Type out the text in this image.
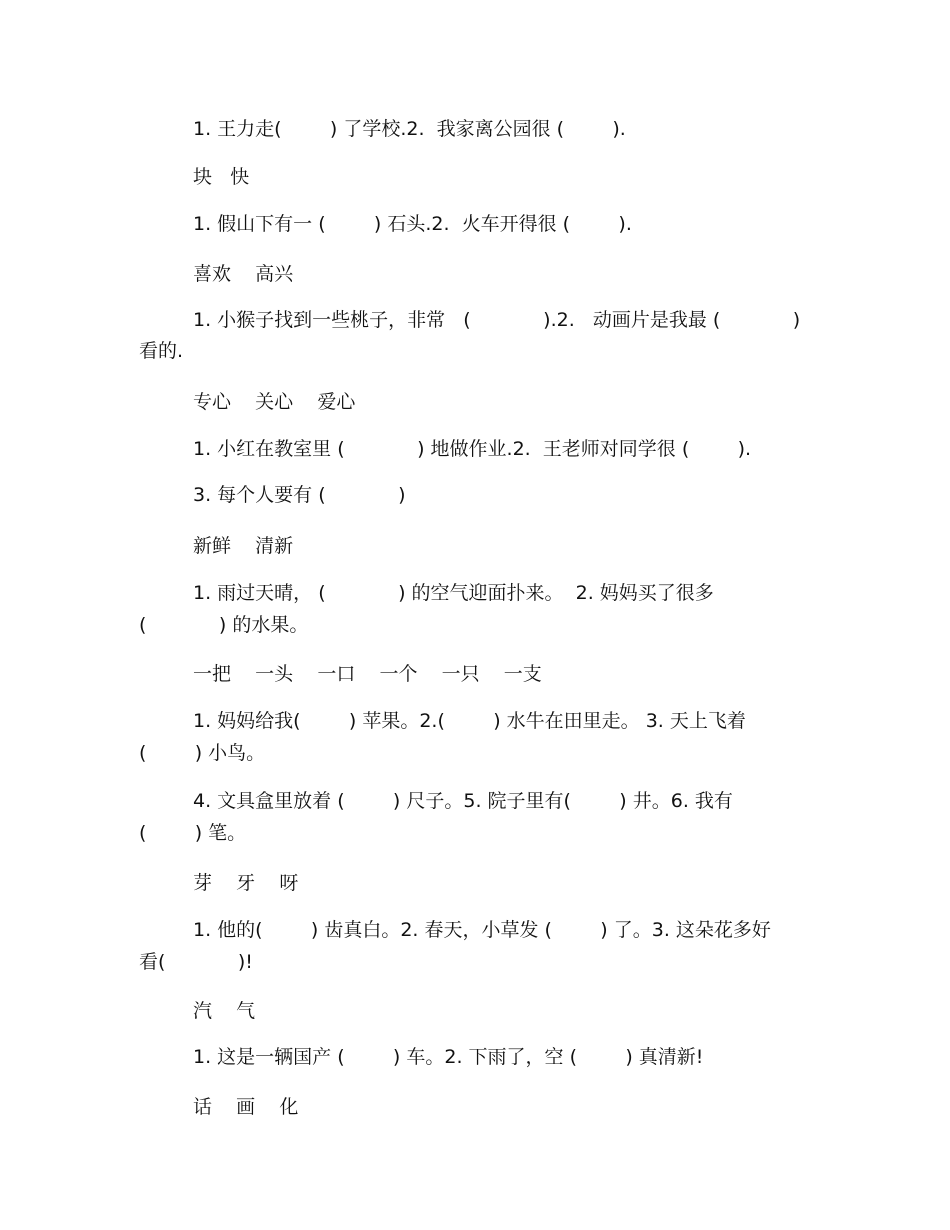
1. 王力走(        ) 了学校.2.  我家离公园很 (        ).
块   快
1. 假山下有一 (        ) 石头.2.  火车开得很 (        ).
喜欢    高兴
1. 小猴子找到一些桃子，非常   (            ).2.   动画片是我最 (            )
看的.
专心    关心    爱心
1. 小红在教室里 (            ) 地做作业.2.  王老师对同学很 (        ).
3. 每个人要有 (            )
新鲜    清新
1. 雨过天晴， (            ) 的空气迎面扑来。  2. 妈妈买了很多
(            ) 的水果。
一把    一头    一口    一个    一只    一支
1. 妈妈给我(        ) 苹果。2.(        ) 水牛在田里走。 3. 天上飞着
(        ) 小鸟。
4. 文具盒里放着 (        ) 尺子。5. 院子里有(        ) 井。6. 我有
(        ) 笔。
芽    牙    呀
1. 他的(        ) 齿真白。2. 春天，小草发 (        ) 了。3. 这朵花多好
看(            )!
汽    气
1. 这是一辆国产 (        ) 车。2. 下雨了，空 (        ) 真清新!
话    画    化
